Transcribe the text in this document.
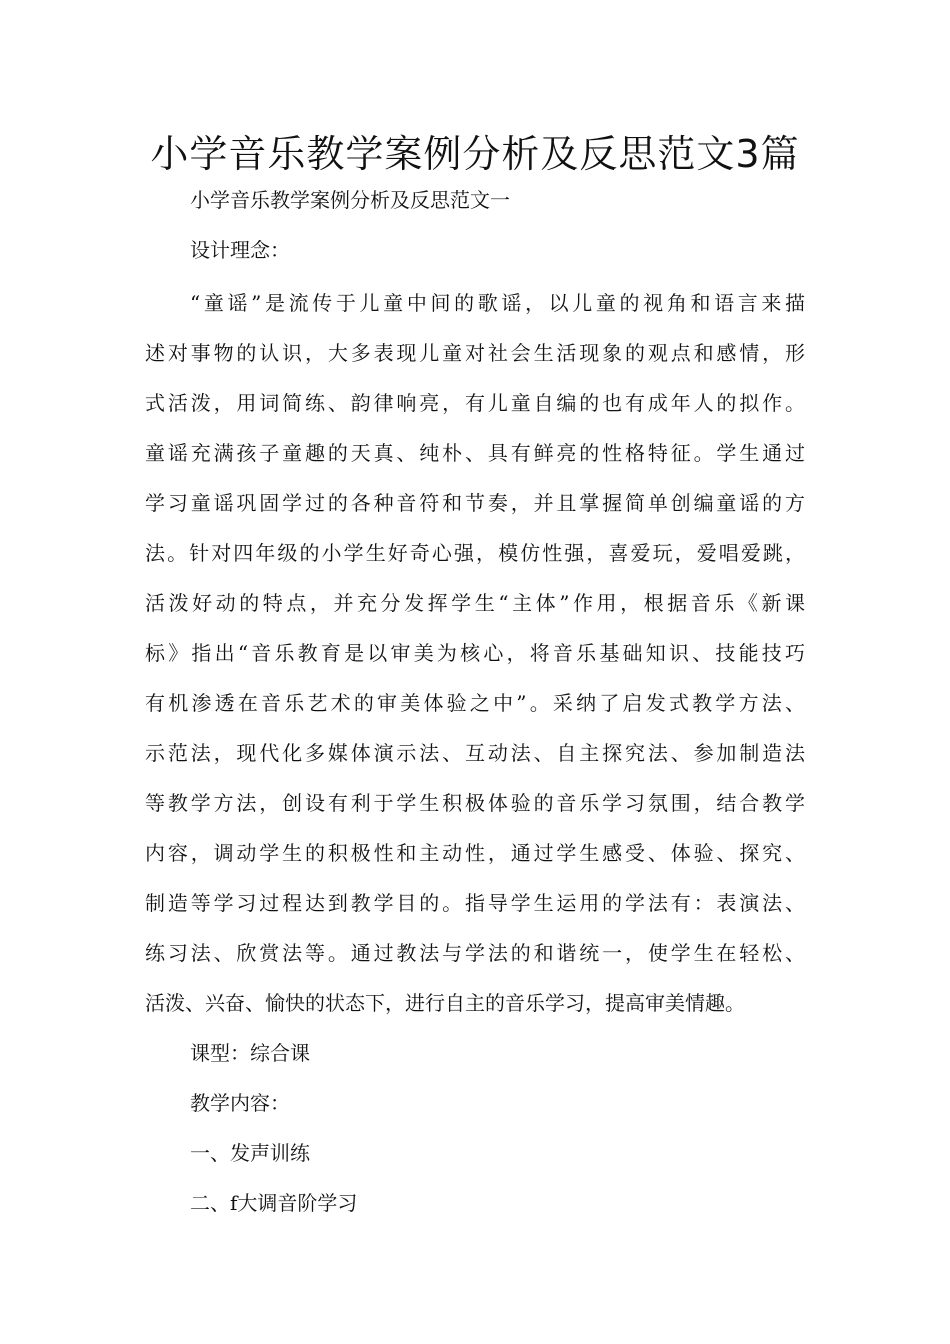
小学音乐教学案例分析及反思范文3篇

小学音乐教学案例分析及反思范文一

设计理念：

“童谣”是流传于儿童中间的歌谣，以儿童的视角和语言来描

述对事物的认识，大多表现儿童对社会生活现象的观点和感情，形

式活泼，用词简练、韵律响亮，有儿童自编的也有成年人的拟作。

童谣充满孩子童趣的天真、纯朴、具有鲜亮的性格特征。学生通过

学习童谣巩固学过的各种音符和节奏，并且掌握简单创编童谣的方

法。针对四年级的小学生好奇心强，模仿性强，喜爱玩，爱唱爱跳，

活泼好动的特点，并充分发挥学生“主体”作用，根据音乐《新课

标》指出“音乐教育是以审美为核心，将音乐基础知识、技能技巧

有机渗透在音乐艺术的审美体验之中”。采纳了启发式教学方法、

示范法，现代化多媒体演示法、互动法、自主探究法、参加制造法

等教学方法，创设有利于学生积极体验的音乐学习氛围，结合教学

内容，调动学生的积极性和主动性，通过学生感受、体验、探究、

制造等学习过程达到教学目的。指导学生运用的学法有：表演法、

练习法、欣赏法等。通过教法与学法的和谐统一，使学生在轻松、

活泼、兴奋、愉快的状态下，进行自主的音乐学习，提高审美情趣。

课型：综合课

教学内容：

一、发声训练

二、f大调音阶学习
